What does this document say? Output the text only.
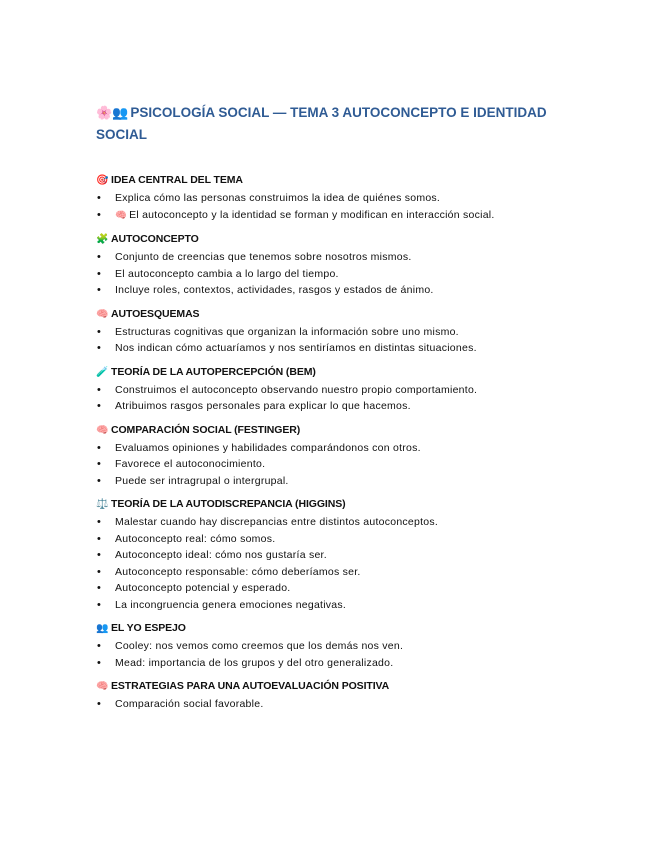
🌸👥 PSICOLOGÍA SOCIAL — TEMA 3 AUTOCONCEPTO E IDENTIDAD SOCIAL
🎯 IDEA CENTRAL DEL TEMA
• Explica cómo las personas construimos la idea de quiénes somos.
• 🧠 El autoconcepto y la identidad se forman y modifican en interacción social.
🧩 AUTOCONCEPTO
• Conjunto de creencias que tenemos sobre nosotros mismos.
• El autoconcepto cambia a lo largo del tiempo.
• Incluye roles, contextos, actividades, rasgos y estados de ánimo.
🧠 AUTOESQUEMAS
• Estructuras cognitivas que organizan la información sobre uno mismo.
• Nos indican cómo actuaríamos y nos sentiríamos en distintas situaciones.
🧪 TEORÍA DE LA AUTOPERCEPCIÓN (BEM)
• Construimos el autoconcepto observando nuestro propio comportamiento.
• Atribuimos rasgos personales para explicar lo que hacemos.
🧠 COMPARACIÓN SOCIAL (FESTINGER)
• Evaluamos opiniones y habilidades comparándonos con otros.
• Favorece el autoconocimiento.
• Puede ser intragrupal o intergrupal.
⚖️ TEORÍA DE LA AUTODISCREPANCIA (HIGGINS)
• Malestar cuando hay discrepancias entre distintos autoconceptos.
• Autoconcepto real: cómo somos.
• Autoconcepto ideal: cómo nos gustaría ser.
• Autoconcepto responsable: cómo deberíamos ser.
• Autoconcepto potencial y esperado.
• La incongruencia genera emociones negativas.
👥 EL YO ESPEJO
• Cooley: nos vemos como creemos que los demás nos ven.
• Mead: importancia de los grupos y del otro generalizado.
🧠 ESTRATEGIAS PARA UNA AUTOEVALUACIÓN POSITIVA
• Comparación social favorable.
